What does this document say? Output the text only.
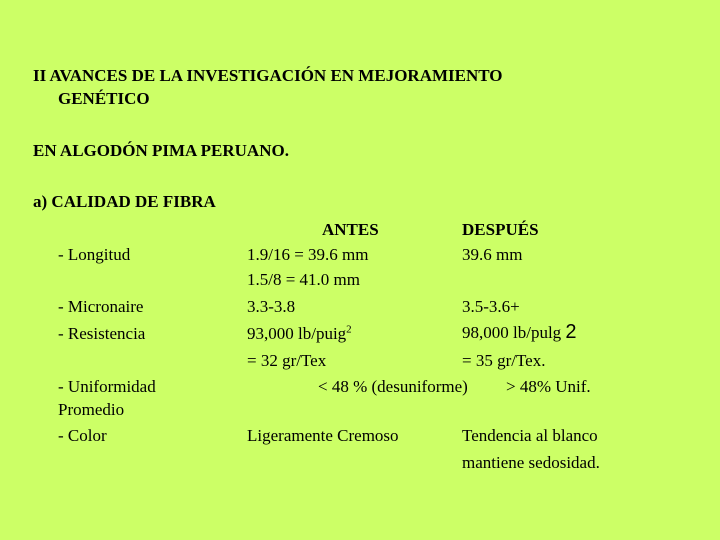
II AVANCES DE LA INVESTIGACIÓN EN MEJORAMIENTO
GENÉTICO
EN ALGODÓN PIMA PERUANO.
a) CALIDAD DE FIBRA
ANTES	DESPUÉS
‐ Longitud	1.9/16 = 39.6 mm	39.6 mm
1.5/8 = 41.0 mm
‐ Micronaire	3.3‐3.8	3.5‐3.6+
‐ Resistencia	93,000 lb/puig$^2$	98,000 lb/pulg 2
= 32 gr/Tex	= 35 gr/Tex.
‐ Uniformidad	< 48 % (desuniforme) > 48% Unif.
Promedio
‐ Color	Ligeramente Cremoso	Tendencia al blanco
mantiene sedosidad.
